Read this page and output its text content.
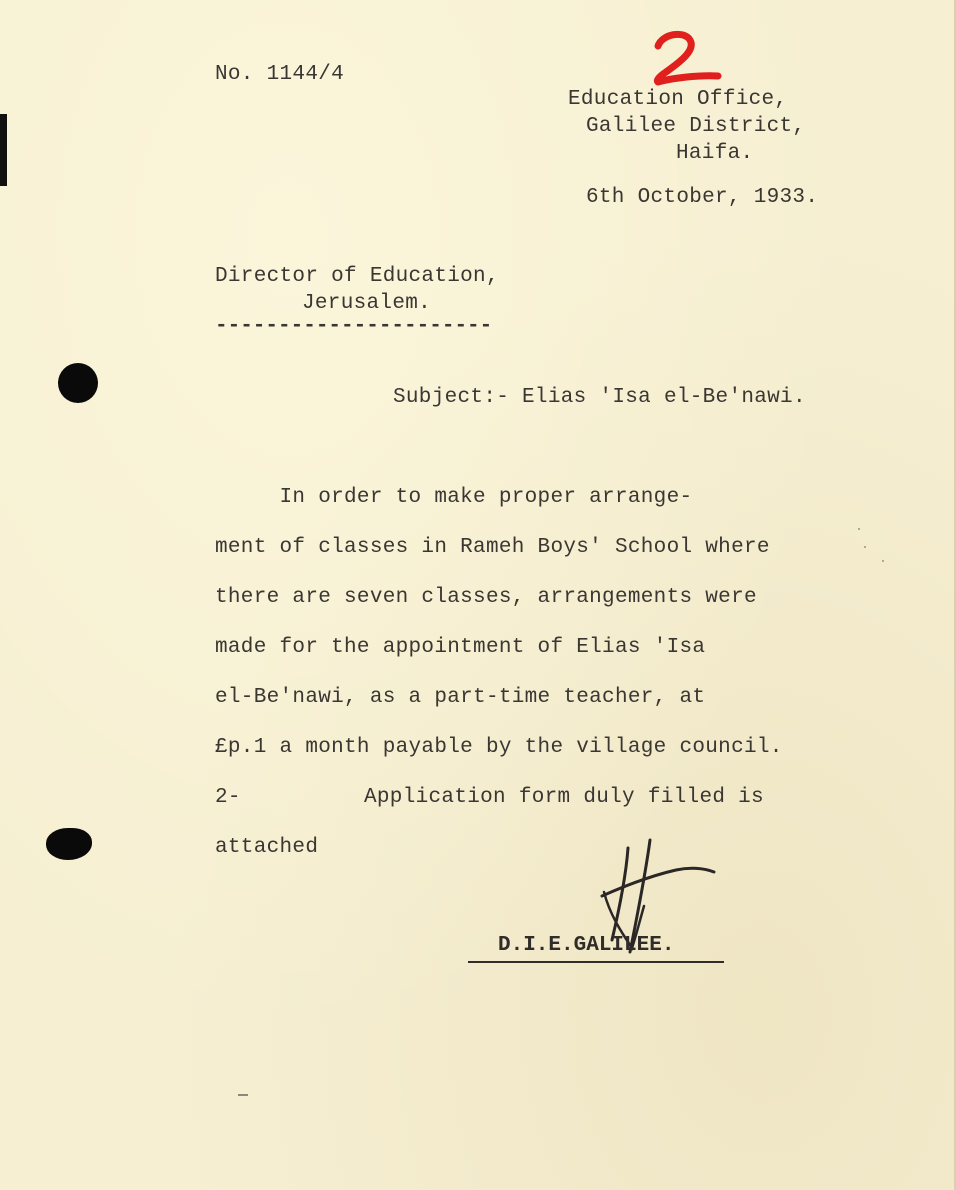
No. 1144/4
Education Office,
Galilee District,
Haifa.
6th October, 1933.
Director of Education,
Jerusalem.
----------------------
Subject:- Elias 'Isa el-Be'nawi.
In order to make proper arrange-
ment of classes in Rameh Boys' School where
there are seven classes, arrangements were
made for the appointment of Elias 'Isa
el-Be'nawi, as a part-time teacher, at
£p.1 a month payable by the village council.
2-	Application form duly filled is
attached
D.I.E.GALILEE.
